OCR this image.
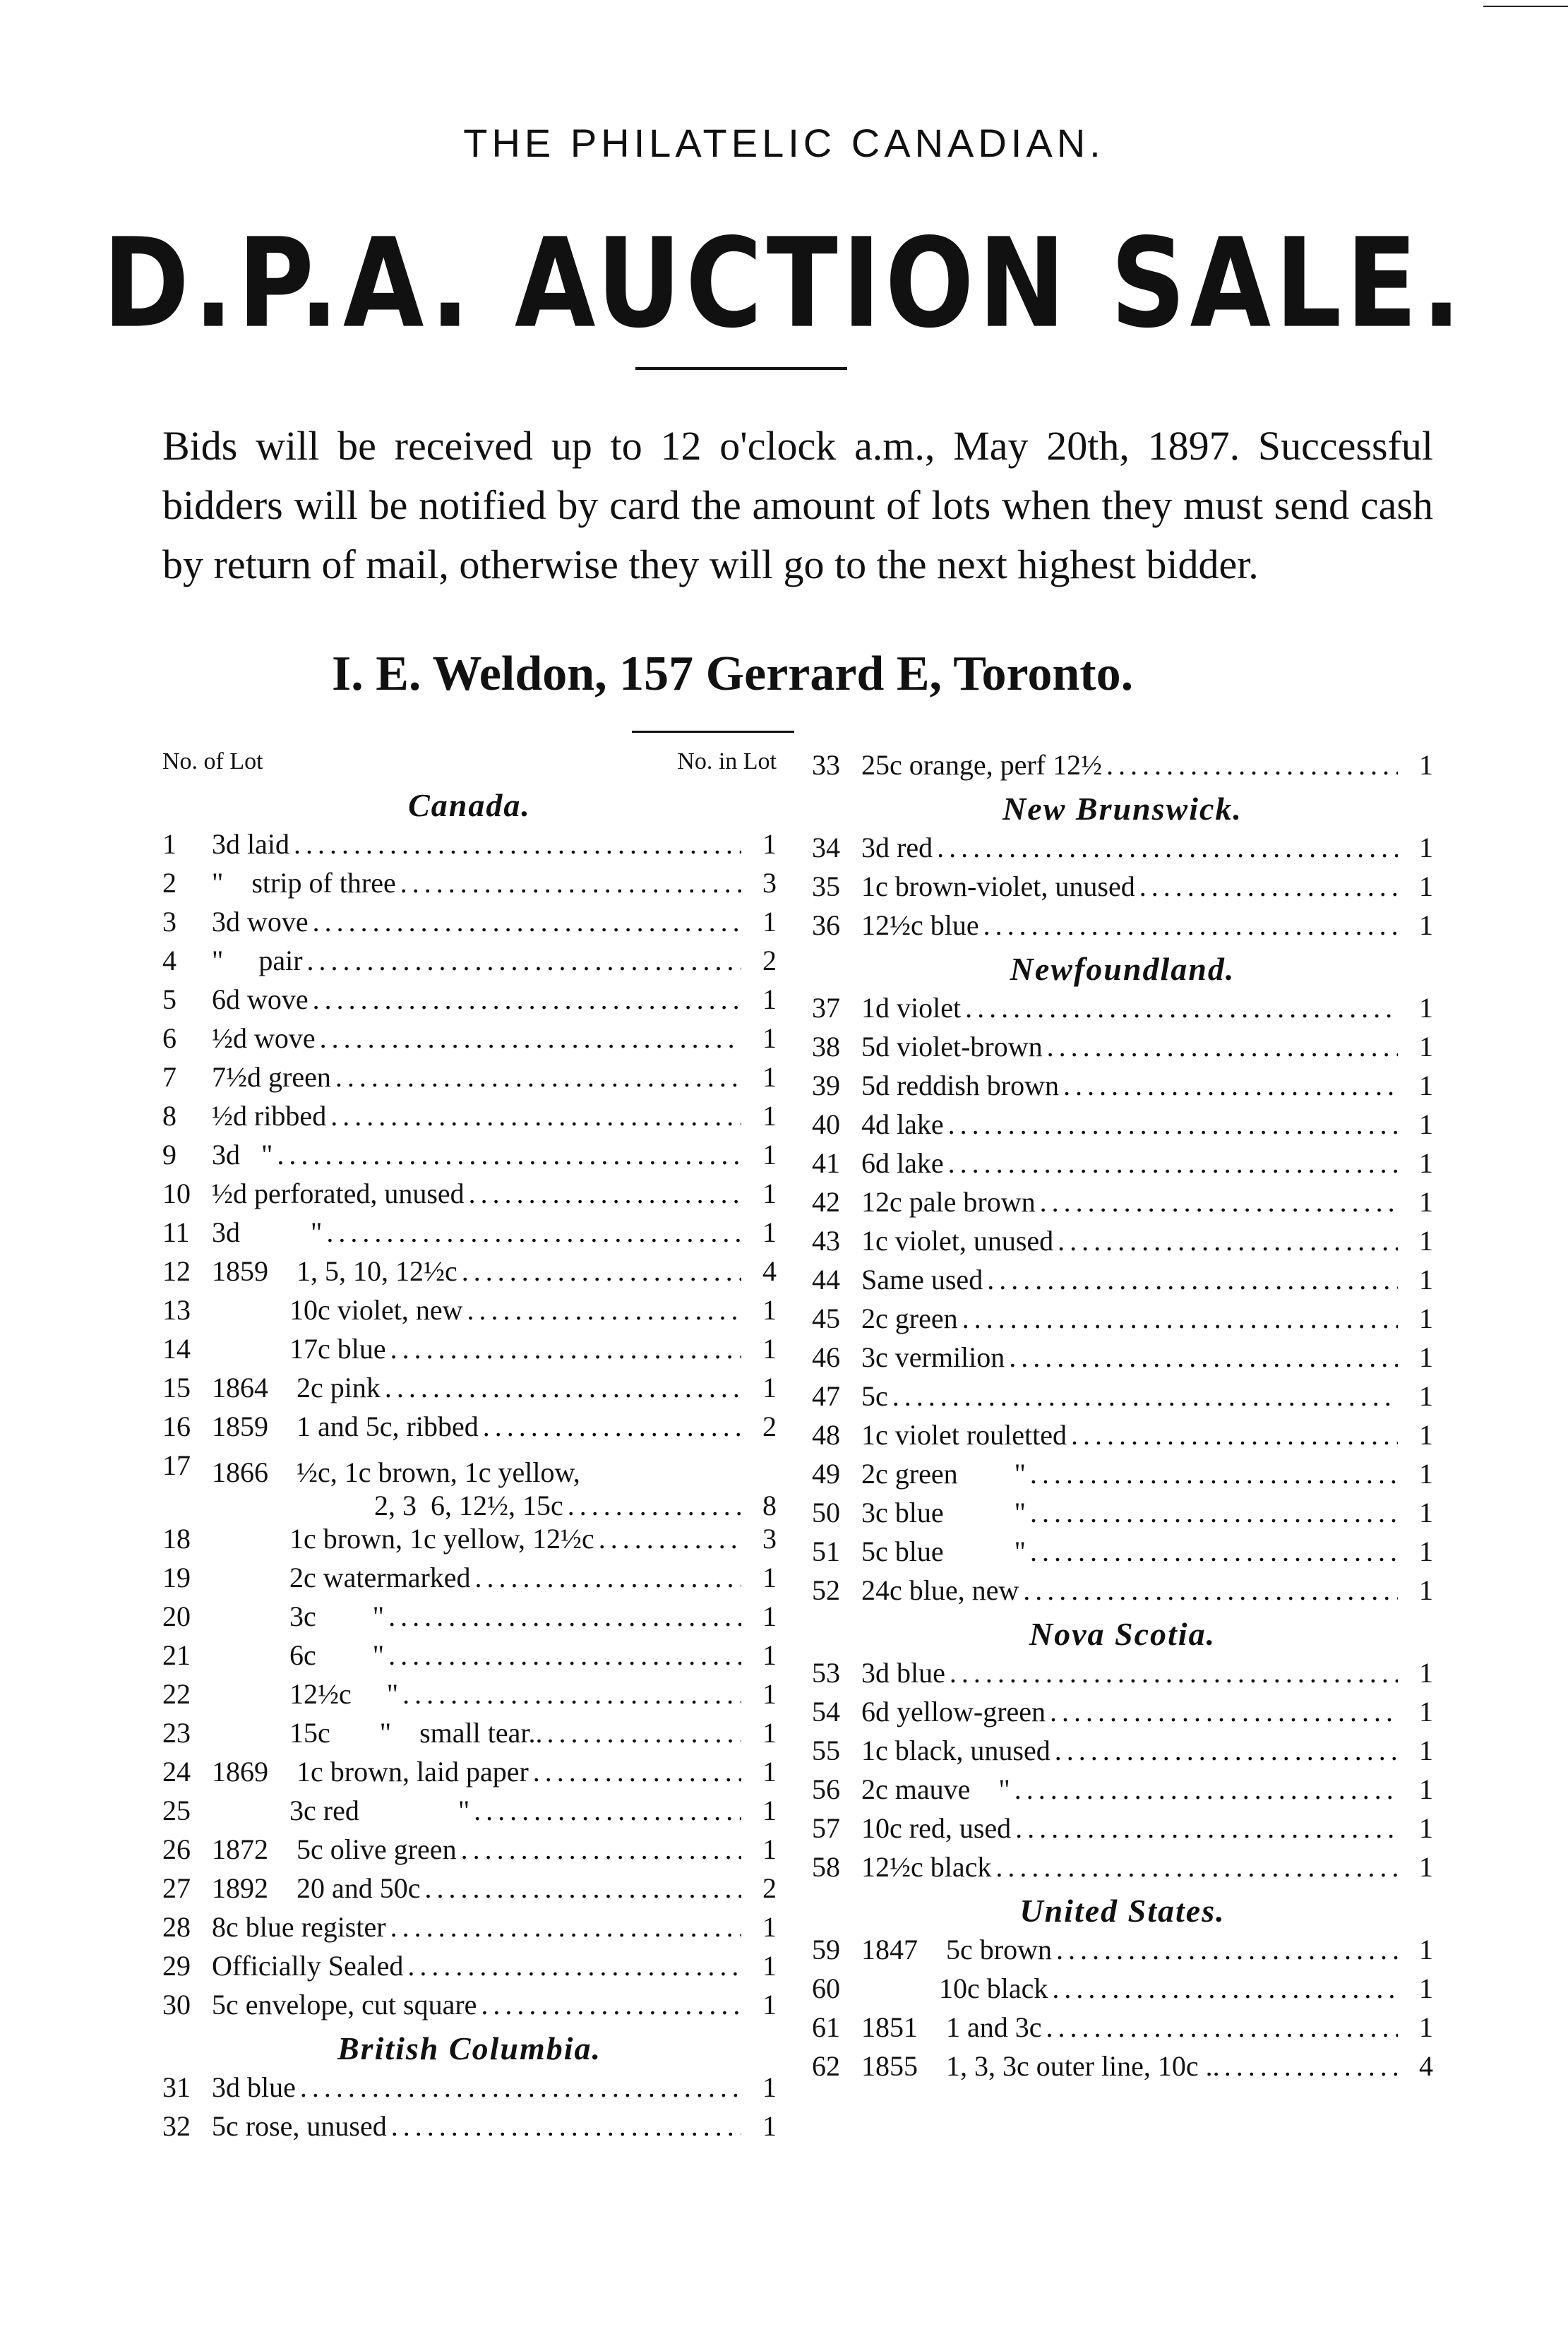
THE PHILATELIC CANADIAN.
D.P.A. AUCTION SALE.
Bids will be received up to 12 o'clock a.m., May 20th, 1897. Successful bidders will be notified by card the amount of lots when they must send cash by return of mail, otherwise they will go to the next highest bidder.
I. E. Weldon, 157 Gerrard E, Toronto.
No. of Lot	No. in Lot
Canada.
1	3d laid .....	1
2	"    strip of three .....	3
3	3d wove .....	1
4	"     pair .....	2
5	6d wove .....	1
6	½d wove .....	1
7	7½d green .....	1
8	½d ribbed .....	1
9	3d   " .....	1
10 ½d perforated, unused .....	1
11 3d          " .....	1
12 1859    1, 5, 10, 12½c .....	4
13 10c violet, new .....	1
14 17c blue .....	1
15 1864    2c pink .....	1
16 1859    1 and 5c, ribbed .....	2
17 1866    ½c, 1c brown, 1c yellow,
2, 3  6, 12½, 15c .....	8
18 1c brown, 1c yellow, 12½c .....	3
19 2c watermarked .....	1
20 3c        " .....	1
21 6c        " .....	1
22 12½c     " .....	1
23 15c       "    small tear.. .....	1
24 1869    1c brown, laid paper .....	1
25 3c red              " .....	1
26 1872    5c olive green .....	1
27 1892    20 and 50c .....	2
28 8c blue register .....	1
29 Officially Sealed .....	1
30 5c envelope, cut square .....	1
British Columbia.
31 3d blue .....	1
32 5c rose, unused .....	1
33 25c orange, perf 12½ .....	1
New Brunswick.
34 3d red .....	1
35 1c brown-violet, unused .....	1
36 12½c blue .....	1
Newfoundland.
37 1d violet .....	1
38 5d violet-brown .....	1
39 5d reddish brown .....	1
40 4d lake .....	1
41 6d lake .....	1
42 12c pale brown .....	1
43 1c violet, unused .....	1
44 Same used .....	1
45 2c green .....	1
46 3c vermilion .....	1
47 5c .....	1
48 1c violet rouletted .....	1
49 2c green        " .....	1
50 3c blue          " .....	1
51 5c blue          " .....	1
52 24c blue, new .....	1
Nova Scotia.
53 3d blue .....	1
54 6d yellow-green .....	1
55 1c black, unused .....	1
56 2c mauve    " .....	1
57 10c red, used .....	1
58 12½c black .....	1
United States.
59 1847    5c brown .....	1
60 10c black .....	1
61 1851    1 and 3c .....	1
62 1855    1, 3, 3c outer line, 10c .. .....	4
